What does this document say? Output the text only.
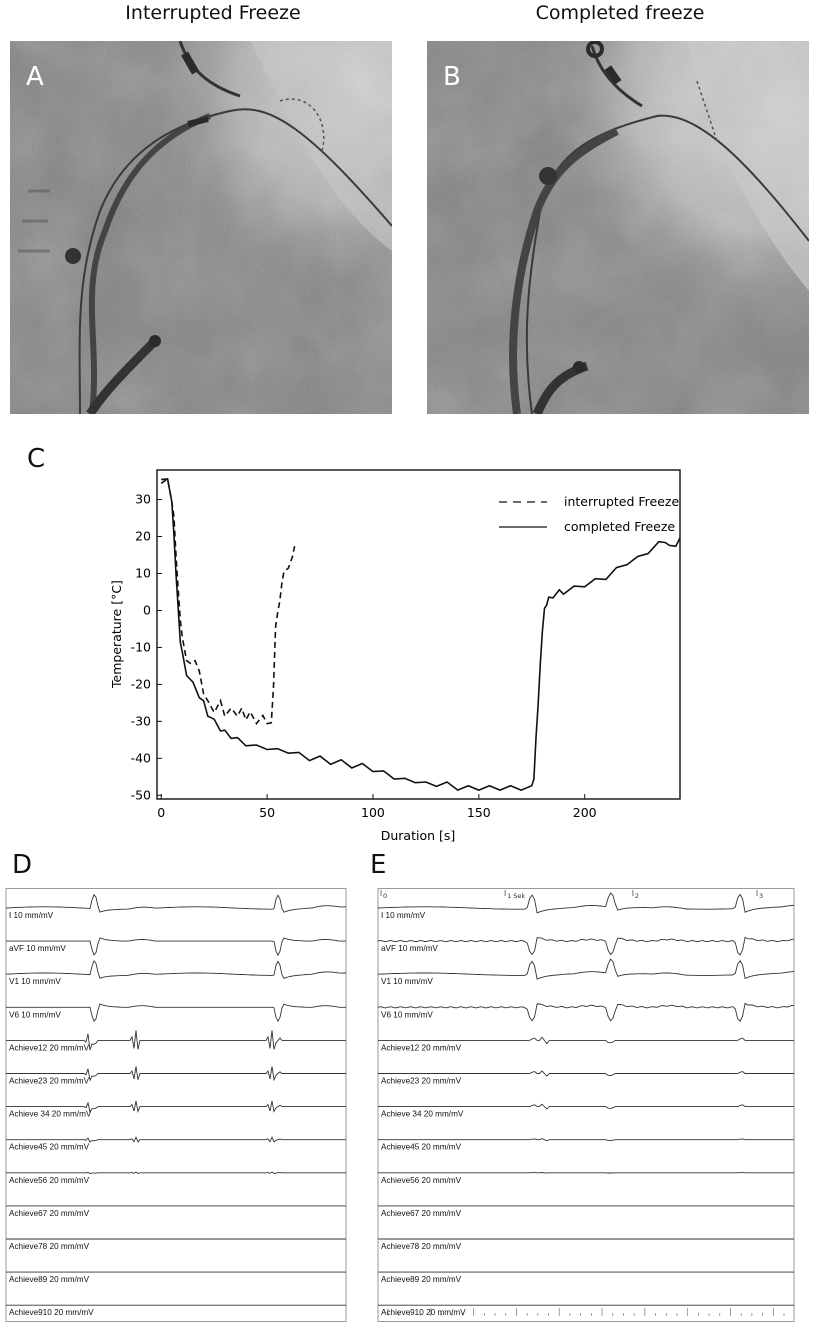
Interrupted Freeze	Completed freeze
A	B
C
0	50	100	150	200
30
20
10
0
-10
-20
-30
-40
-50
interrupted Freeze
completed Freeze
Duration [s]
Temperature [°C]
D
I 10 mm/mV
aVF 10 mm/mV
V1 10 mm/mV
V6 10 mm/mV
Achieve12 20 mm/mV
Achieve23 20 mm/mV
Achieve 34 20 mm/mV
Achieve45 20 mm/mV
Achieve56 20 mm/mV
Achieve67 20 mm/mV
Achieve78 20 mm/mV
Achieve89 20 mm/mV
Achieve910 20 mm/mV
E
0	1 Sek	2	3
I 10 mm/mV
aVF 10 mm/mV
V1 10 mm/mV
V6 10 mm/mV
Achieve12 20 mm/mV
Achieve23 20 mm/mV
Achieve 34 20 mm/mV
Achieve45 20 mm/mV
Achieve56 20 mm/mV
Achieve67 20 mm/mV
Achieve78 20 mm/mV
Achieve89 20 mm/mV
Achieve910 20 mm/mV
